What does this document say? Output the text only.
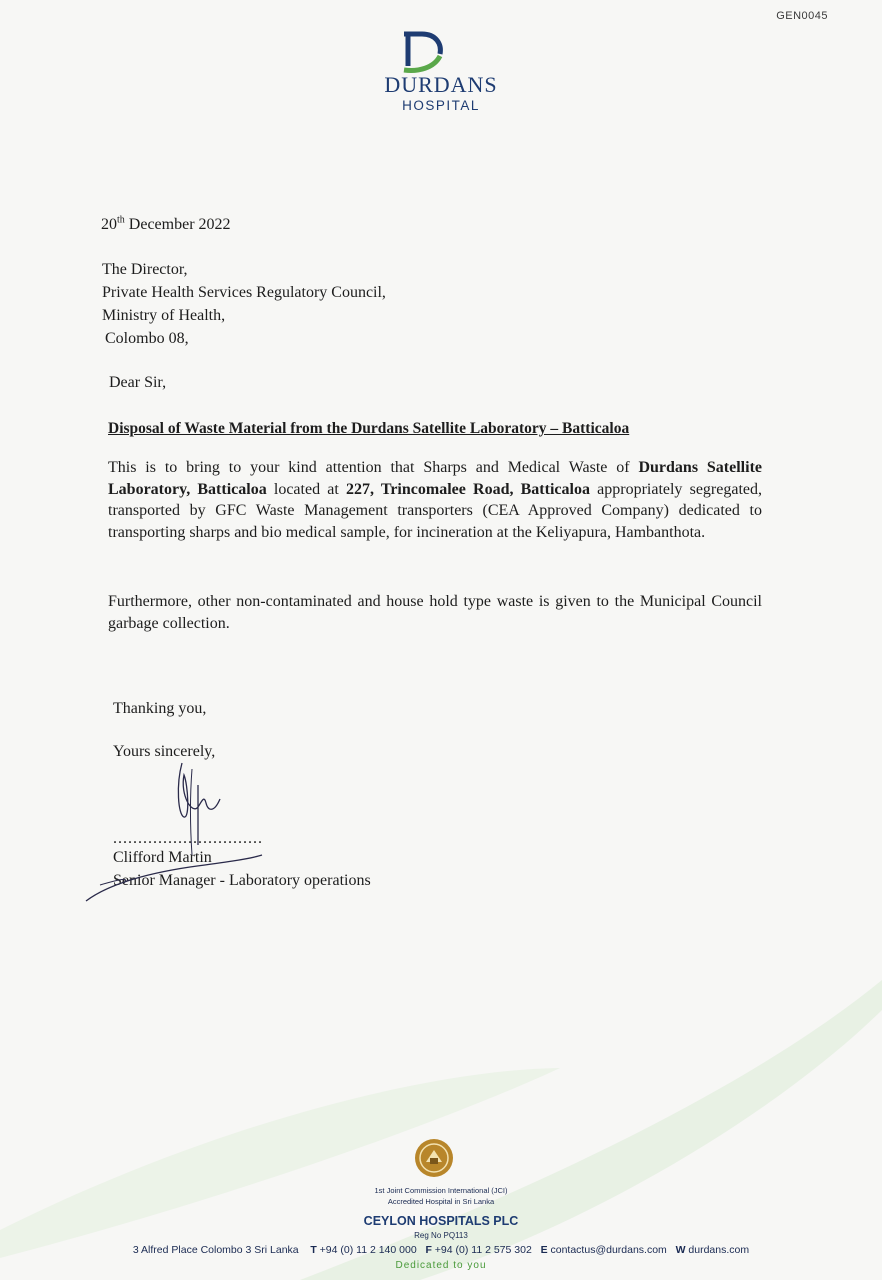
GEN0045
DURDANS
HOSPITAL
20th December 2022
The Director,
Private Health Services Regulatory Council,
Ministry of Health,
Colombo 08,
Dear Sir,
Disposal of Waste Material from the Durdans Satellite Laboratory – Batticaloa
This is to bring to your kind attention that Sharps and Medical Waste of Durdans Satellite Laboratory, Batticaloa located at 227, Trincomalee Road, Batticaloa appropriately segregated, transported by GFC Waste Management transporters (CEA Approved Company) dedicated to transporting sharps and bio medical sample, for incineration at the Keliyapura, Hambanthota.
Furthermore, other non-contaminated and house hold type waste is given to the Municipal Council garbage collection.
Thanking you,
Yours sincerely,
..............................
Clifford Martin
Senior Manager - Laboratory operations
1st Joint Commission International (JCI)
Accredited Hospital in Sri Lanka
CEYLON HOSPITALS PLC
Reg No PQ113
3 Alfred Place Colombo 3 Sri Lanka T +94 (0) 11 2 140 000 F +94 (0) 11 2 575 302 E contactus@durdans.com W durdans.com
Dedicated to you
